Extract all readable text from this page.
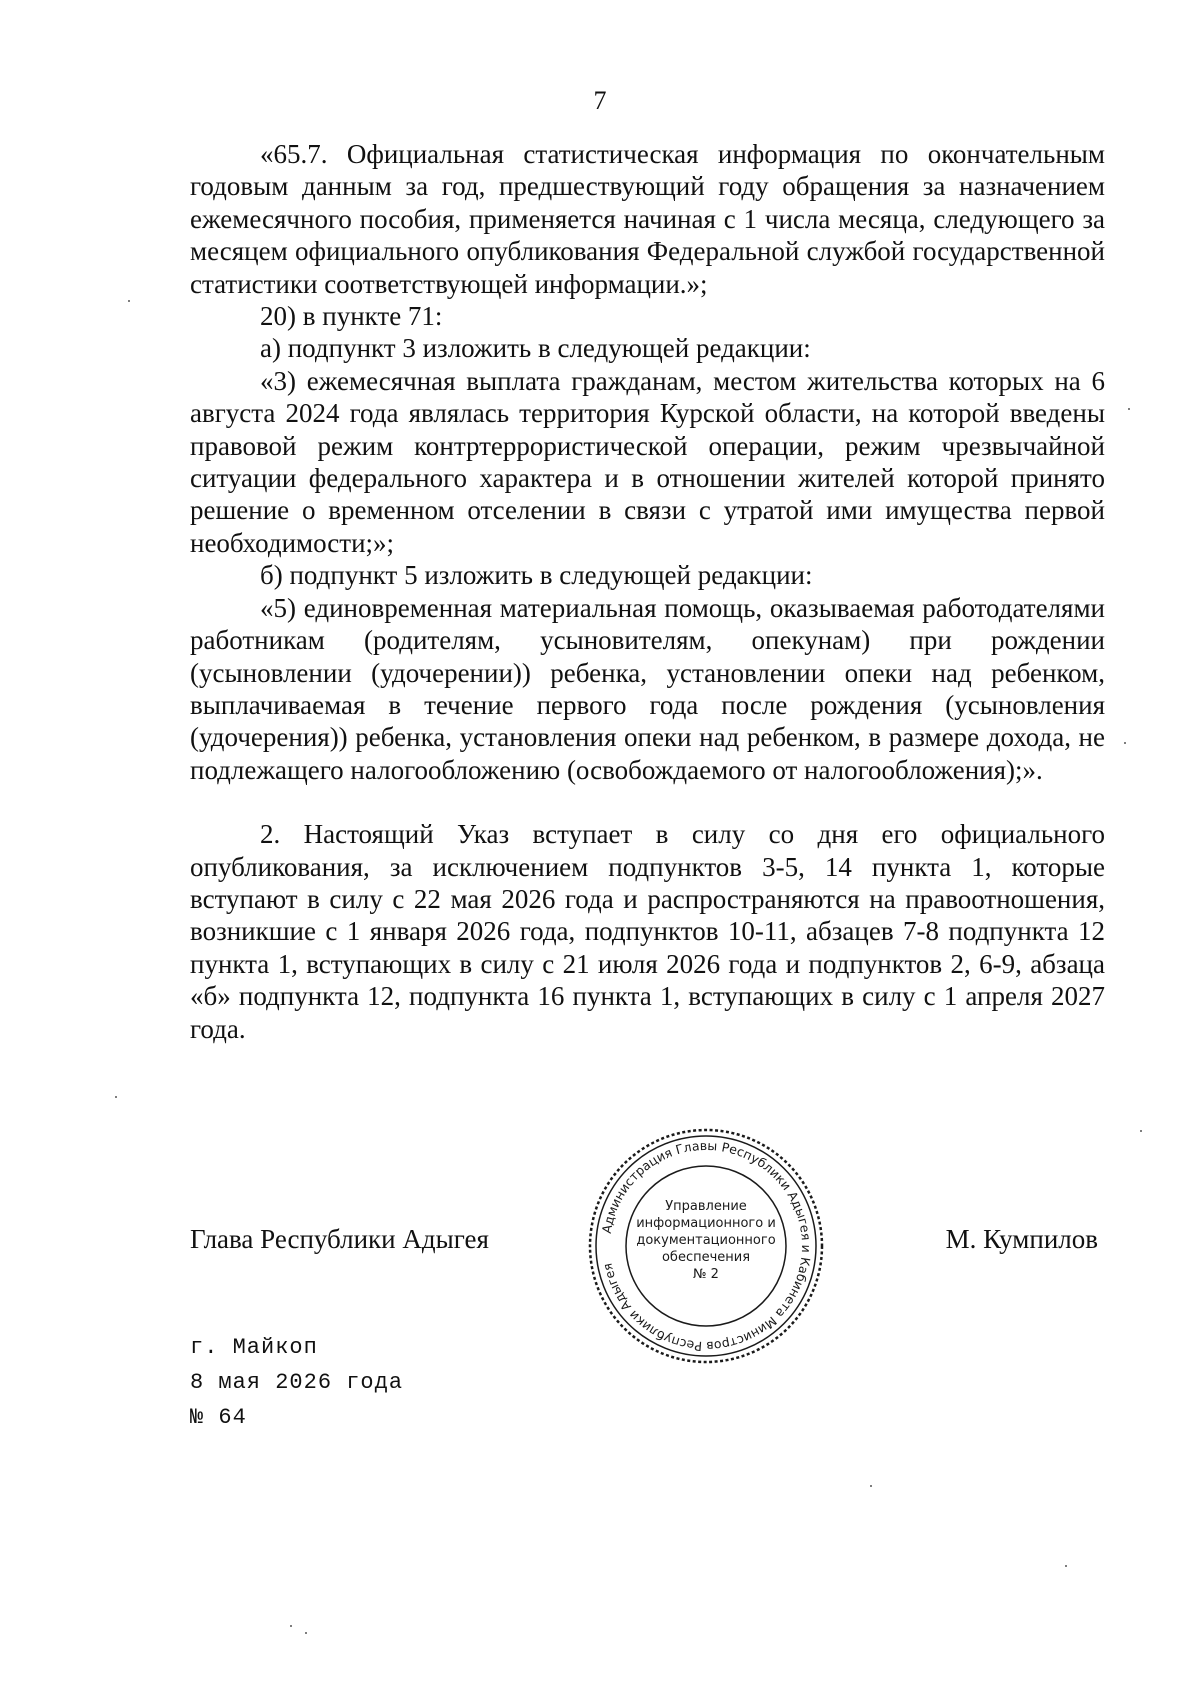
7

«65.7. Официальная статистическая информация по окончательным годовым данным за год, предшествующий году обращения за назначением ежемесячного пособия, применяется начиная с 1 числа месяца, следующего за месяцем официального опубликования Федеральной службой государственной статистики соответствующей информации.»;

20) в пункте 71:

а) подпункт 3 изложить в следующей редакции:

«3) ежемесячная выплата гражданам, местом жительства которых на 6 августа 2024 года являлась территория Курской области, на которой введены правовой режим контртеррористической операции, режим чрезвычайной ситуации федерального характера и в отношении жителей которой принято решение о временном отселении в связи с утратой ими имущества первой необходимости;»;

б) подпункт 5 изложить в следующей редакции:

«5) единовременная материальная помощь, оказываемая работодателями работникам (родителям, усыновителям, опекунам) при рождении (усыновлении (удочерении)) ребенка, установлении опеки над ребенком, выплачиваемая в течение первого года после рождения (усыновления (удочерения)) ребенка, установления опеки над ребенком, в размере дохода, не подлежащего налогообложению (освобождаемого от налогообложения);».

2. Настоящий Указ вступает в силу со дня его официального опубликования, за исключением подпунктов 3-5, 14 пункта 1, которые вступают в силу с 22 мая 2026 года и распространяются на правоотношения, возникшие с 1 января 2026 года, подпунктов 10-11, абзацев 7-8 подпункта 12 пункта 1, вступающих в силу с 21 июля 2026 года и подпунктов 2, 6-9, абзаца «б» подпункта 12, подпункта 16 пункта 1, вступающих в силу с 1 апреля 2027 года.

Глава Республики Адыгея	Администрация Главы Республики Адыгея и Кабинета Министров Республики Адыгея
Управление
информационного и
документационного
обеспечения
№ 2
М. Кумпилов
г. Майкоп
8 мая 2026 года
№ 64
